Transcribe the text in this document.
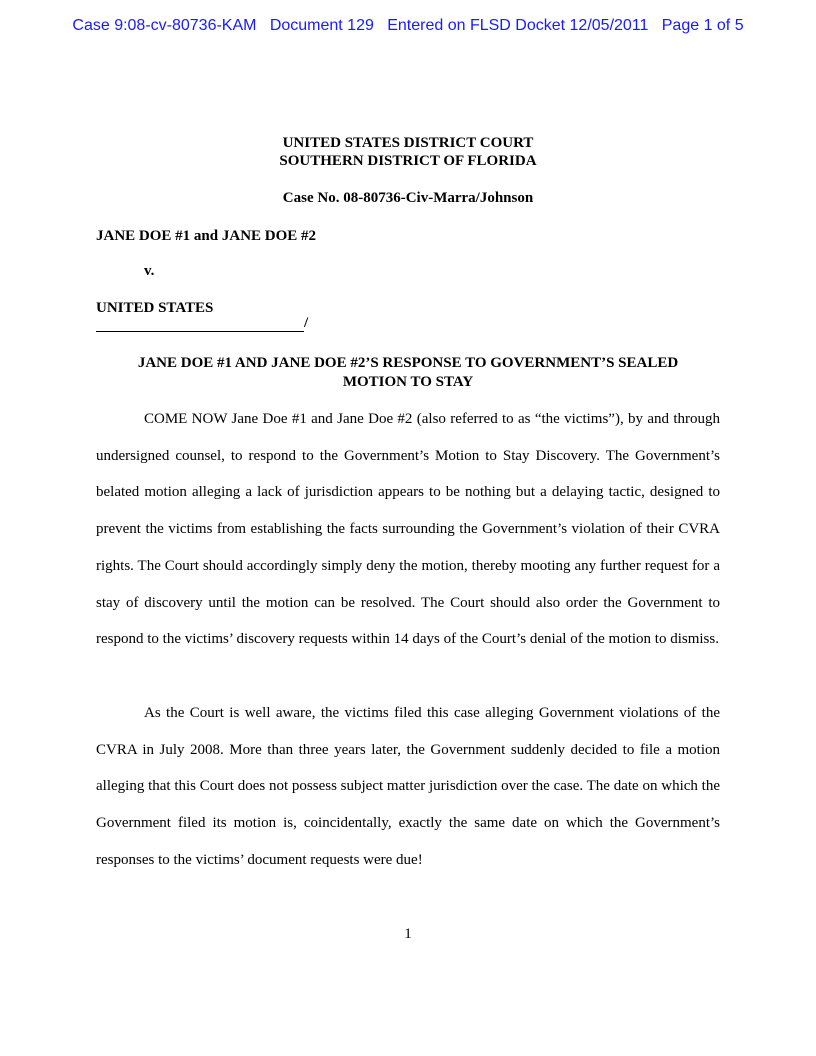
Case 9:08-cv-80736-KAM   Document 129   Entered on FLSD Docket 12/05/2011   Page 1 of 5
UNITED STATES DISTRICT COURT
SOUTHERN DISTRICT OF FLORIDA
Case No. 08-80736-Civ-Marra/Johnson
JANE DOE #1 and JANE DOE #2
v.
UNITED STATES
/
JANE DOE #1 AND JANE DOE #2’S RESPONSE TO GOVERNMENT’S SEALED
MOTION TO STAY
COME NOW Jane Doe #1 and Jane Doe #2 (also referred to as “the victims”), by and through undersigned counsel, to respond to the Government’s Motion to Stay Discovery. The Government’s belated motion alleging a lack of jurisdiction appears to be nothing but a delaying tactic, designed to prevent the victims from establishing the facts surrounding the Government’s violation of their CVRA rights. The Court should accordingly simply deny the motion, thereby mooting any further request for a stay of discovery until the motion can be resolved. The Court should also order the Government to respond to the victims’ discovery requests within 14 days of the Court’s denial of the motion to dismiss.
As the Court is well aware, the victims filed this case alleging Government violations of the CVRA in July 2008. More than three years later, the Government suddenly decided to file a motion alleging that this Court does not possess subject matter jurisdiction over the case. The date on which the Government filed its motion is, coincidentally, exactly the same date on which the Government’s responses to the victims’ document requests were due!
1
